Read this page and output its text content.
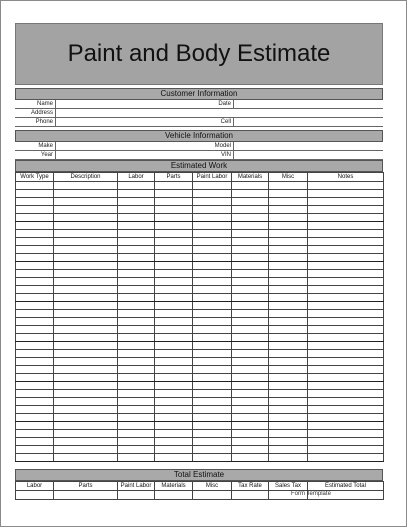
Paint and Body Estimate
Customer Information
Name	Date
Address
Phone	Cell
Vehicle Information
Make	Model
Year	VIN
Estimated Work
Work Type	Description	Labor	Parts	Paint Labor	Materials	Misc	Notes

Total Estimate
Labor	Parts	Paint Labor	Materials	Misc	Tax Rate	Sales Tax	Estimated Total

Form Template
